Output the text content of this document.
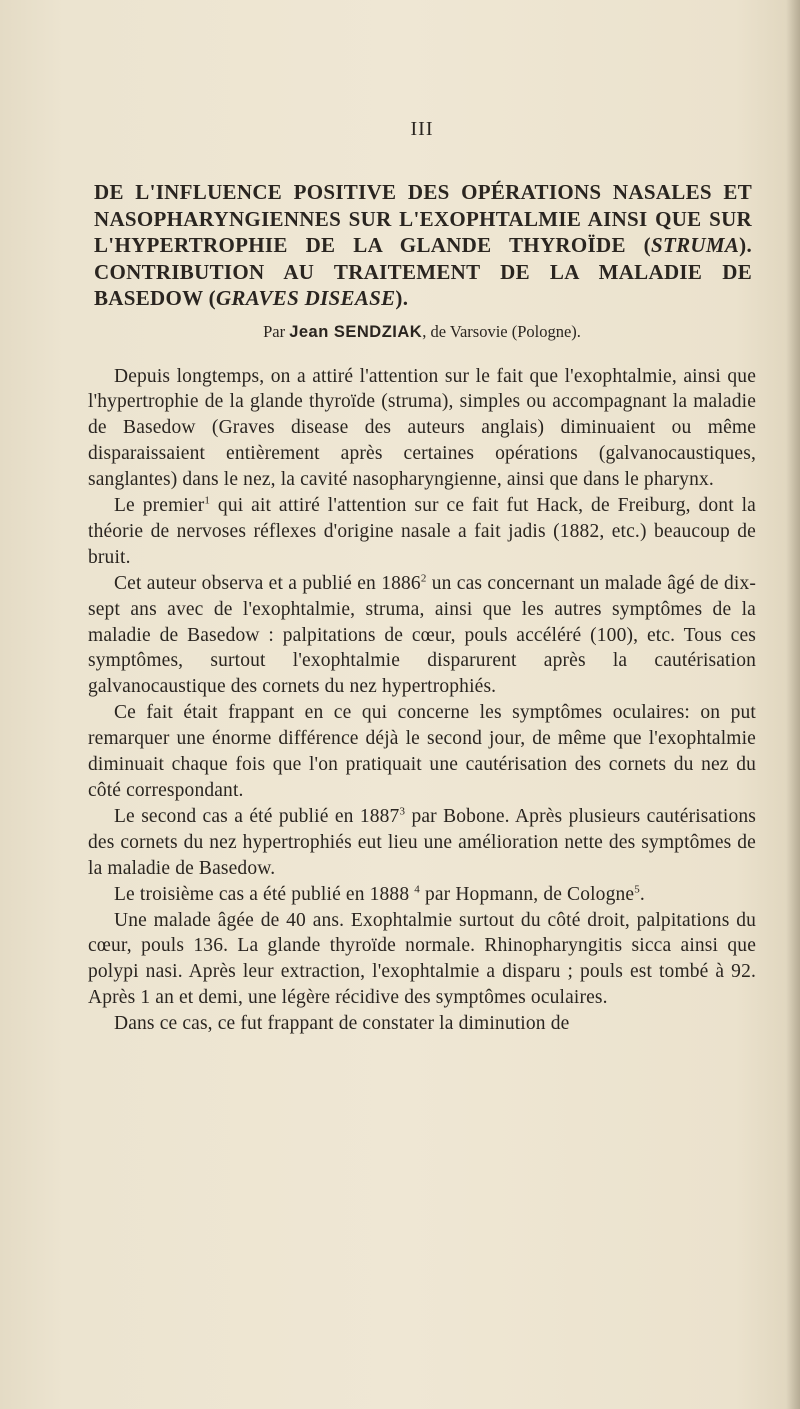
III
DE L'INFLUENCE POSITIVE DES OPÉRATIONS NASALES ET NASOPHARYNGIENNES SUR L'EXOPHTALMIE AINSI QUE SUR L'HYPERTROPHIE DE LA GLANDE THYROÏDE (STRUMA). CONTRIBUTION AU TRAITEMENT DE LA MALADIE DE BASEDOW (GRAVES DISEASE).
Par Jean SENDZIAK, de Varsovie (Pologne).

Depuis longtemps, on a attiré l'attention sur le fait que l'exophtalmie, ainsi que l'hypertrophie de la glande thyroïde (struma), simples ou accompagnant la maladie de Basedow (Graves disease des auteurs anglais) diminuaient ou même disparaissaient entièrement après certaines opérations (galvanocaustiques, sanglantes) dans le nez, la cavité nasopharyngienne, ainsi que dans le pharynx.

Le premier$^1$ qui ait attiré l'attention sur ce fait fut Hack, de Freiburg, dont la théorie de nervoses réflexes d'origine nasale a fait jadis (1882, etc.) beaucoup de bruit.

Cet auteur observa et a publié en 1886$^2$ un cas concernant un malade âgé de dix-sept ans avec de l'exophtalmie, struma, ainsi que les autres symptômes de la maladie de Basedow : palpitations de cœur, pouls accéléré (100), etc. Tous ces symptômes, surtout l'exophtalmie disparurent après la cautérisation galvanocaustique des cornets du nez hypertrophiés.

Ce fait était frappant en ce qui concerne les symptômes oculaires: on put remarquer une énorme différence déjà le second jour, de même que l'exophtalmie diminuait chaque fois que l'on pratiquait une cautérisation des cornets du nez du côté correspondant.

Le second cas a été publié en 1887$^3$ par Bobone. Après plusieurs cautérisations des cornets du nez hypertrophiés eut lieu une amélioration nette des symptômes de la maladie de Basedow.

Le troisième cas a été publié en 1888 $^4$ par Hopmann, de Cologne$^5$.

Une malade âgée de 40 ans. Exophtalmie surtout du côté droit, palpitations du cœur, pouls 136. La glande thyroïde normale. Rhinopharyngitis sicca ainsi que polypi nasi. Après leur extraction, l'exophtalmie a disparu ; pouls est tombé à 92. Après 1 an et demi, une légère récidive des symptômes oculaires.

Dans ce cas, ce fut frappant de constater la diminution de
